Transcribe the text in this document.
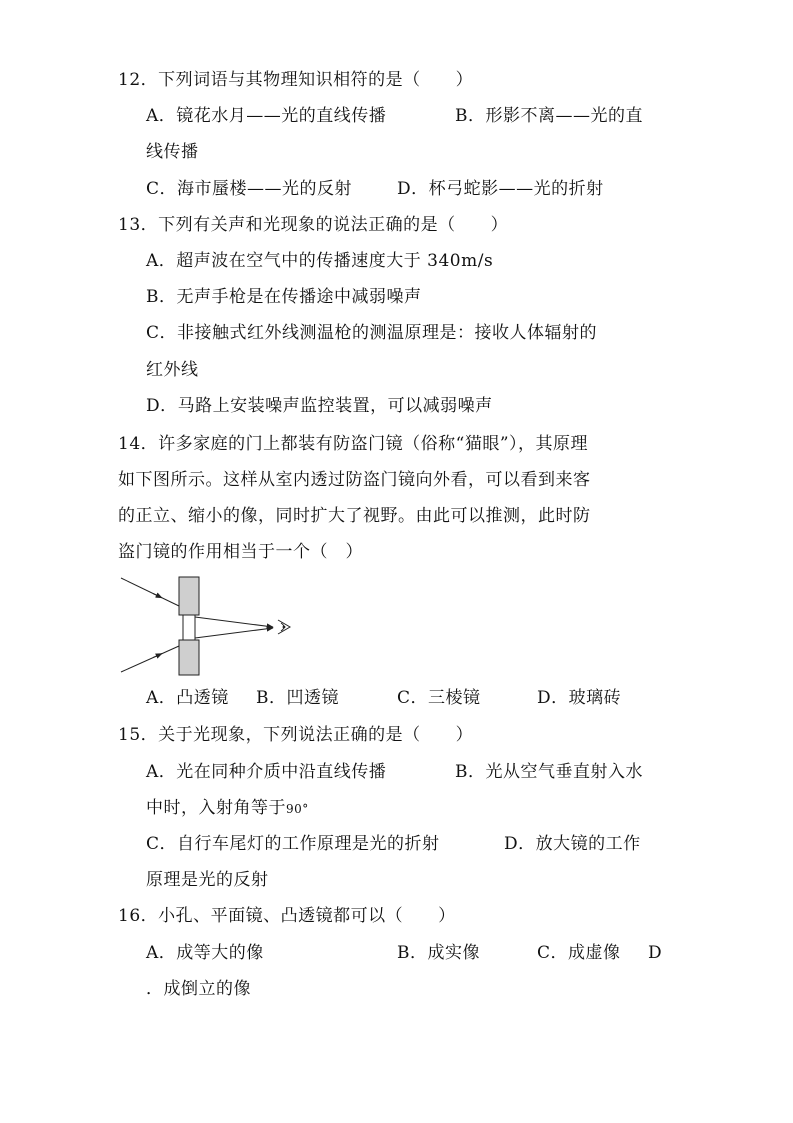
12．下列词语与其物理知识相符的是（　　）
A．镜花水月——光的直线传播	B．形影不离——光的直
线传播
C．海市蜃楼——光的反射	D．杯弓蛇影——光的折射
13．下列有关声和光现象的说法正确的是（　　）
A．超声波在空气中的传播速度大于 340m/s
B．无声手枪是在传播途中减弱噪声
C．非接触式红外线测温枪的测温原理是：接收人体辐射的
红外线
D．马路上安装噪声监控装置，可以减弱噪声
14．许多家庭的门上都装有防盗门镜（俗称“猫眼”），其原理
如下图所示。这样从室内透过防盗门镜向外看，可以看到来客
的正立、缩小的像，同时扩大了视野。由此可以推测，此时防
盗门镜的作用相当于一个（　）
A．凸透镜 B．凹透镜	C．三棱镜	D．玻璃砖
15．关于光现象，下列说法正确的是（　　）
A．光在同种介质中沿直线传播	B．光从空气垂直射入水
中时，入射角等于90°
C．自行车尾灯的工作原理是光的折射	D．放大镜的工作
原理是光的反射
16．小孔、平面镜、凸透镜都可以（　　）
A．成等大的像	B．成实像	C．成虚像 D
．成倒立的像
